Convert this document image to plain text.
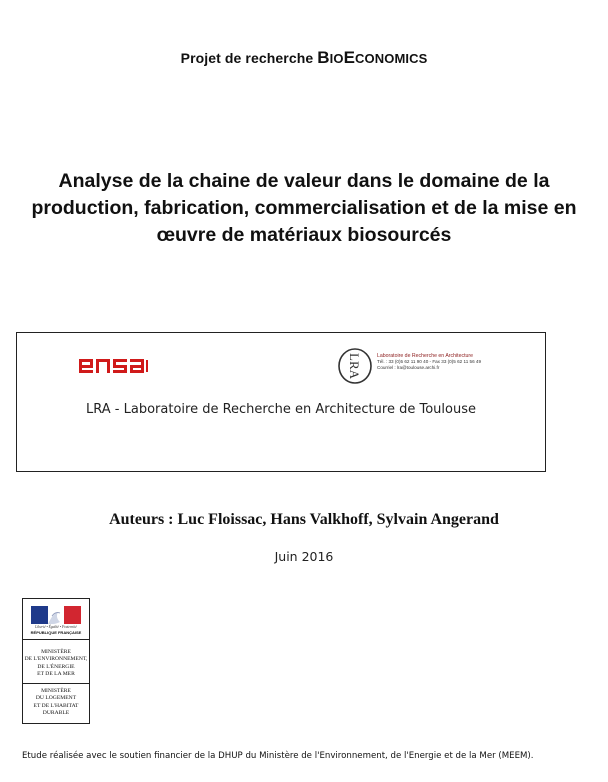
Projet de recherche BIOECONOMICS
Analyse de la chaine de valeur dans le domaine de la
production, fabrication, commercialisation et de la mise en
œuvre de matériaux biosourcés
LRA	Laboratoire de Recherche en Architecture
Tél. : 33 (0)5 62 11 90 40 - Fax 33 (0)5 62 11 56 49
Courriel : lra@toulouse.archi.fr
LRA - Laboratoire de Recherche en Architecture de Toulouse
Auteurs : Luc Floissac, Hans Valkhoff, Sylvain Angerand
Juin 2016
Liberté • Égalité • Fraternité
RÉPUBLIQUE FRANÇAISE
MINISTÈRE
DE L'ENVIRONNEMENT,
DE L'ÉNERGIE
ET DE LA MER
MINISTÈRE
DU LOGEMENT
ET DE L'HABITAT
DURABLE
Etude réalisée avec le soutien financier de la DHUP du Ministère de l'Environnement, de l'Energie et de la Mer (MEEM).
